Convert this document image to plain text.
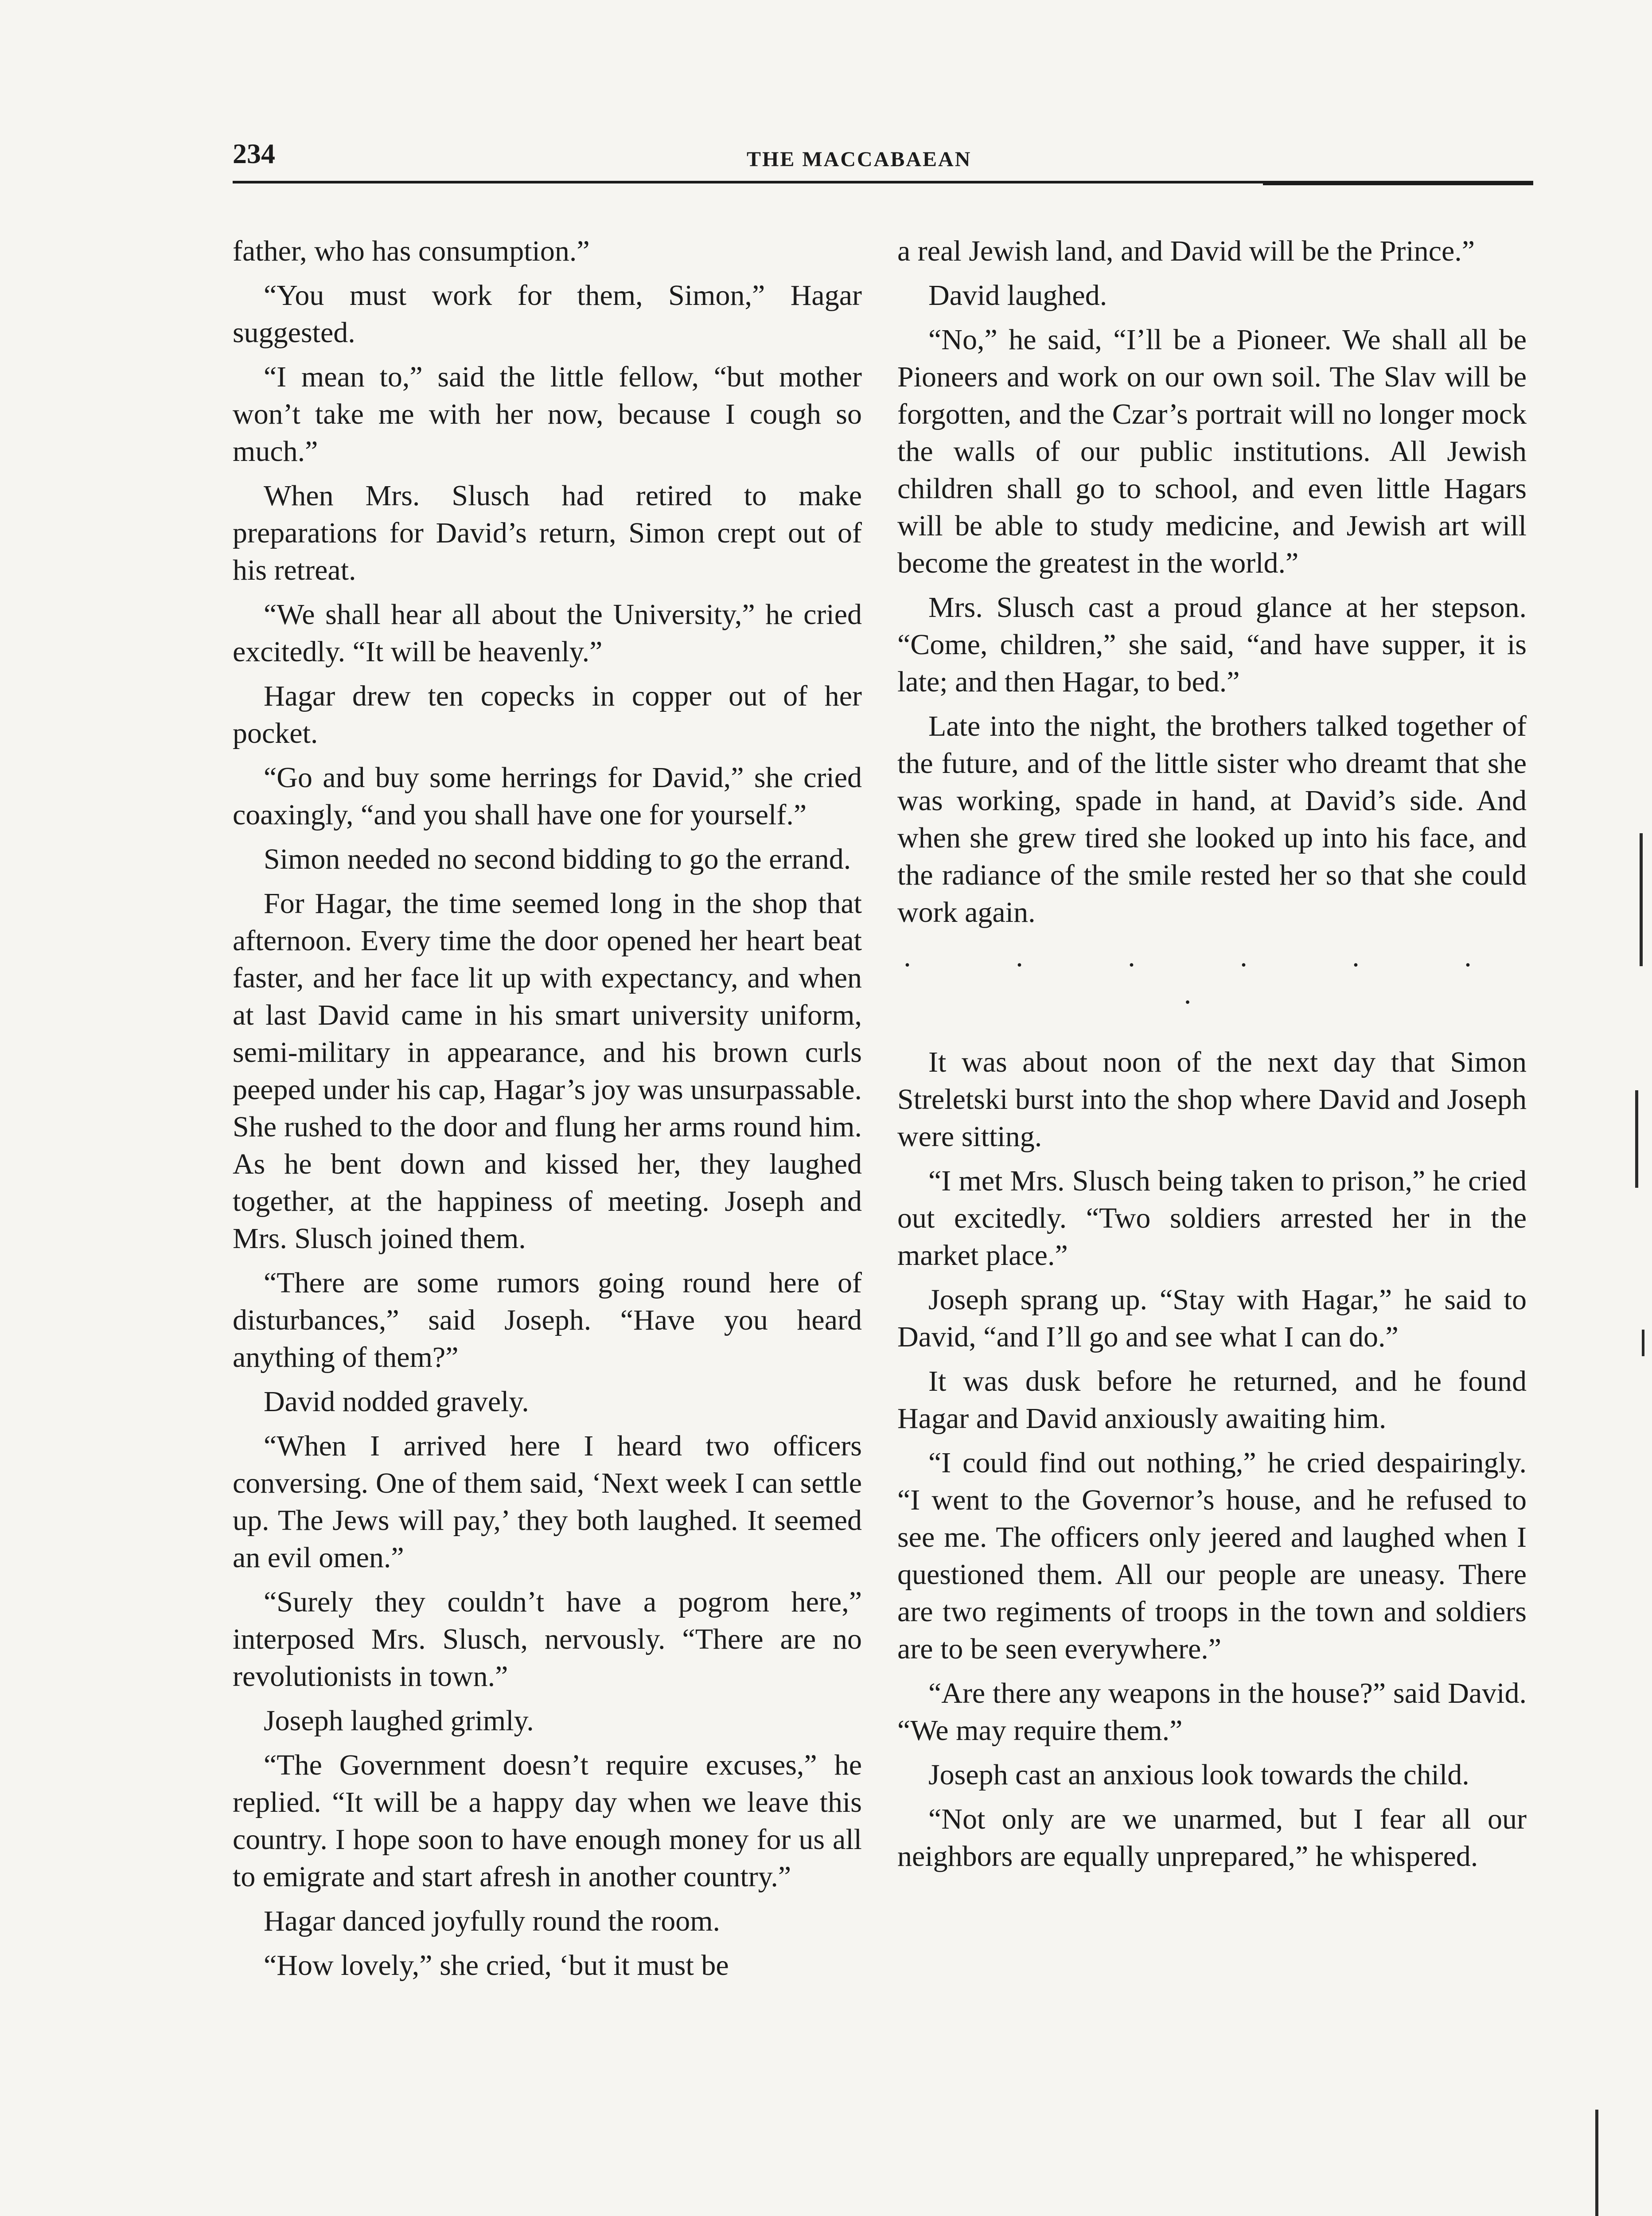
234	THE MACCABAEAN

father, who has consumption.”

“You must work for them, Simon,” Hagar suggested.

“I mean to,” said the little fellow, “but mother won’t take me with her now, because I cough so much.”

When Mrs. Slusch had retired to make preparations for David’s return, Simon crept out of his retreat.

“We shall hear all about the University,” he cried excitedly. “It will be heavenly.”

Hagar drew ten copecks in copper out of her pocket.

“Go and buy some herrings for David,” she cried coaxingly, “and you shall have one for yourself.”

Simon needed no second bidding to go the errand.

For Hagar, the time seemed long in the shop that afternoon. Every time the door opened her heart beat faster, and her face lit up with expectancy, and when at last David came in his smart university uniform, semi-military in appearance, and his brown curls peeped under his cap, Hagar’s joy was unsurpassable. She rushed to the door and flung her arms round him. As he bent down and kissed her, they laughed together, at the happiness of meeting. Joseph and Mrs. Slusch joined them.

“There are some rumors going round here of disturbances,” said Joseph. “Have you heard anything of them?”

David nodded gravely.

“When I arrived here I heard two officers conversing. One of them said, ‘Next week I can settle up. The Jews will pay,’ they both laughed. It seemed an evil omen.”

“Surely they couldn’t have a pogrom here,” interposed Mrs. Slusch, nervously. “There are no revolutionists in town.”

Joseph laughed grimly.

“The Government doesn’t require excuses,” he replied. “It will be a happy day when we leave this country. I hope soon to have enough money for us all to emigrate and start afresh in another country.”

Hagar danced joyfully round the room.

“How lovely,” she cried, ‘but it must be

a real Jewish land, and David will be the Prince.”

David laughed.

“No,” he said, “I’ll be a Pioneer. We shall all be Pioneers and work on our own soil. The Slav will be forgotten, and the Czar’s portrait will no longer mock the walls of our public institutions. All Jewish children shall go to school, and even little Hagars will be able to study medicine, and Jewish art will become the greatest in the world.”

Mrs. Slusch cast a proud glance at her stepson. “Come, children,” she said, “and have supper, it is late; and then Hagar, to bed.”

Late into the night, the brothers talked together of the future, and of the little sister who dreamt that she was working, spade in hand, at David’s side. And when she grew tired she looked up into his face, and the radiance of the smile rested her so that she could work again.

. . . . . . .

It was about noon of the next day that Simon Streletski burst into the shop where David and Joseph were sitting.

“I met Mrs. Slusch being taken to prison,” he cried out excitedly. “Two soldiers arrested her in the market place.”

Joseph sprang up. “Stay with Hagar,” he said to David, “and I’ll go and see what I can do.”

It was dusk before he returned, and he found Hagar and David anxiously awaiting him.

“I could find out nothing,” he cried despairingly. “I went to the Governor’s house, and he refused to see me. The officers only jeered and laughed when I questioned them. All our people are uneasy. There are two regiments of troops in the town and soldiers are to be seen everywhere.”

“Are there any weapons in the house?” said David. “We may require them.”

Joseph cast an anxious look towards the child.

“Not only are we unarmed, but I fear all our neighbors are equally unprepared,” he whispered.
